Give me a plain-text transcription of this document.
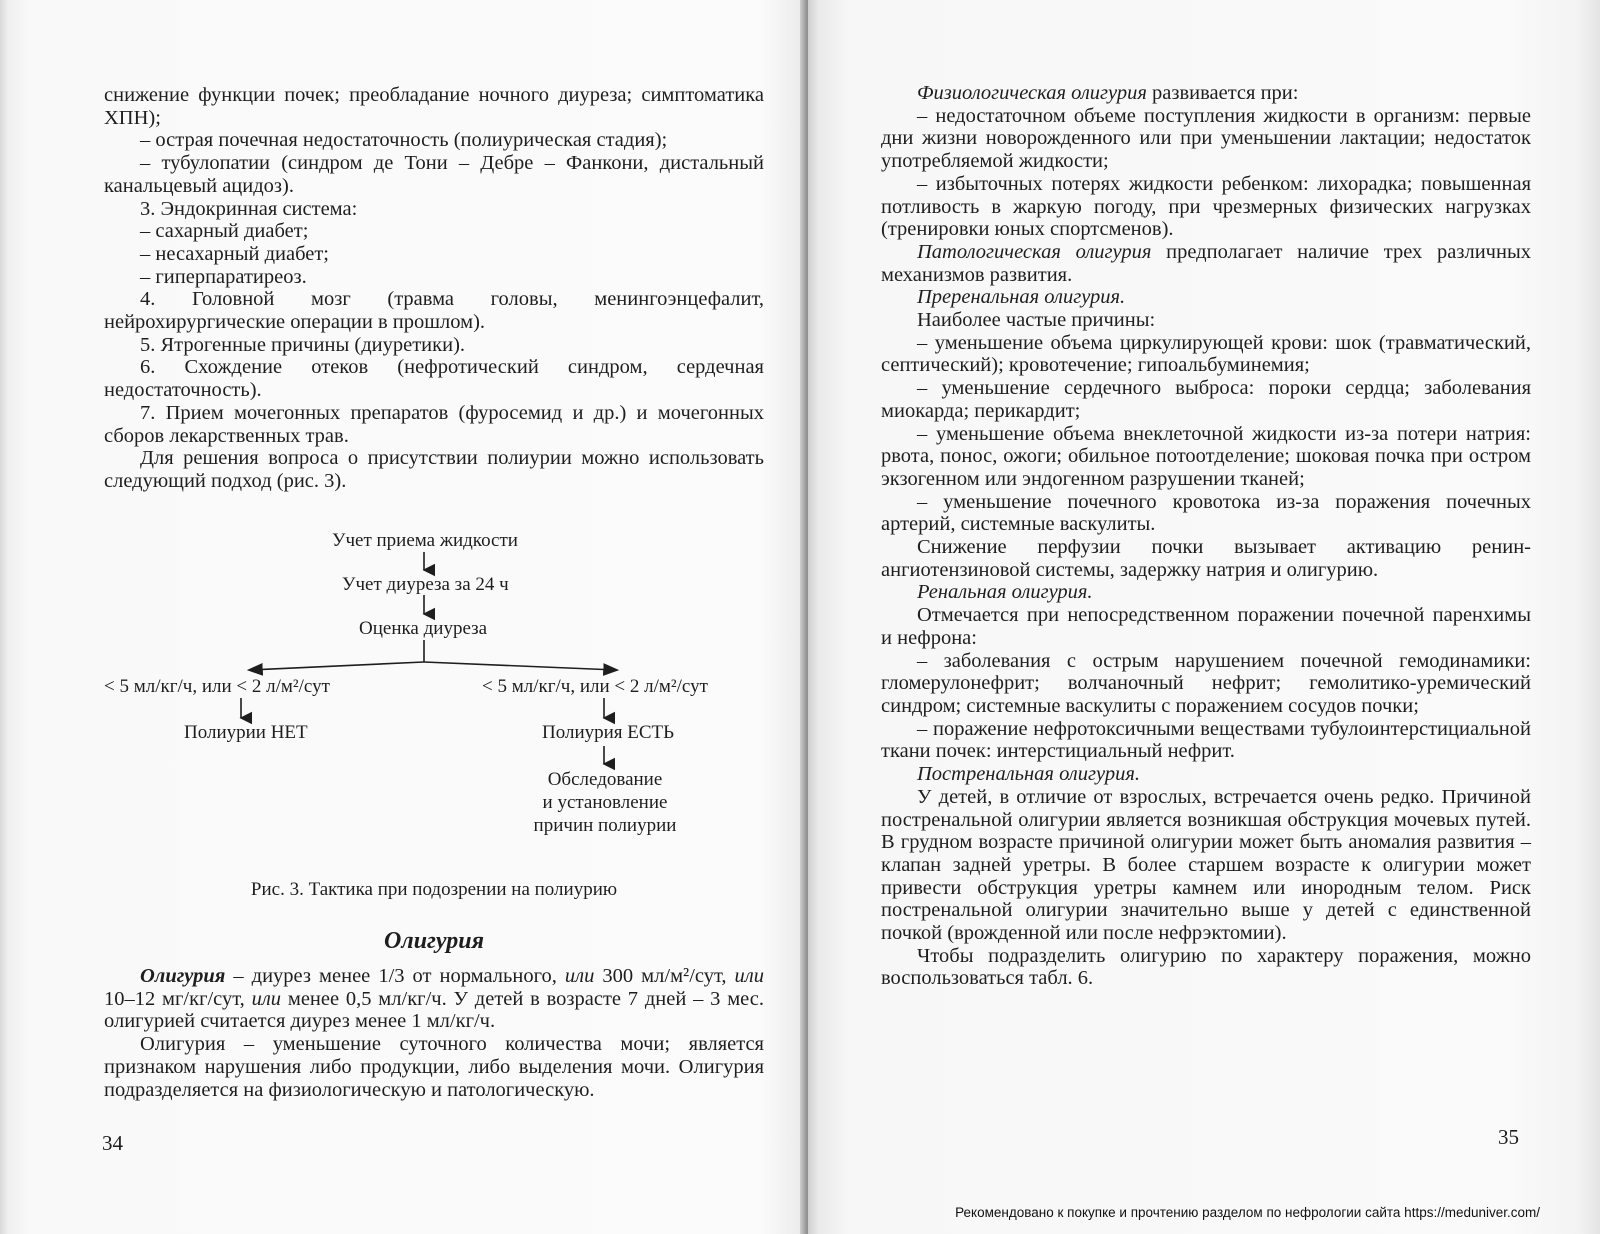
снижение функции почек; преобладание ночного диуреза; симптоматика ХПН);

– острая почечная недостаточность (полиурическая стадия);

– тубулопатии (синдром де Тони – Дебре – Фанкони, дистальный канальцевый ацидоз).

3. Эндокринная система:

– сахарный диабет;

– несахарный диабет;

– гиперпаратиреоз.

4. Головной мозг (травма головы, менингоэнцефалит, нейрохирургические операции в прошлом).

5. Ятрогенные причины (диуретики).

6. Схождение отеков (нефротический синдром, сердечная недостаточность).

7. Прием мочегонных препаратов (фуросемид и др.) и мочегонных сборов лекарственных трав.

Для решения вопроса о присутствии полиурии можно использовать следующий подход (рис. 3).

Учет приема жидкости
Учет диуреза за 24 ч
Оценка диуреза
< 5 мл/кг/ч, или < 2 л/м²/сут	< 5 мл/кг/ч, или < 2 л/м²/сут
Полиурии НЕТ	Полиурия ЕСТЬ
Обследование
и установление
причин полиурии
Рис. 3. Тактика при подозрении на полиурию
Олигурия

Олигурия – диурез менее 1/3 от нормального, или 300 мл/м²/сут, или 10–12 мг/кг/сут, или менее 0,5 мл/кг/ч. У детей в возрасте 7 дней – 3 мес. олигурией считается диурез менее 1 мл/кг/ч.

Олигурия – уменьшение суточного количества мочи; является признаком нарушения либо продукции, либо выделения мочи. Олигурия подразделяется на физиологическую и патологическую.

34

Физиологическая олигурия развивается при:

– недостаточном объеме поступления жидкости в организм: первые дни жизни новорожденного или при уменьшении лактации; недостаток употребляемой жидкости;

– избыточных потерях жидкости ребенком: лихорадка; повышенная потливость в жаркую погоду, при чрезмерных физических нагрузках (тренировки юных спортсменов).

Патологическая олигурия предполагает наличие трех различных механизмов развития.

Преренальная олигурия.

Наиболее частые причины:

– уменьшение объема циркулирующей крови: шок (травматический, септический); кровотечение; гипоальбуминемия;

– уменьшение сердечного выброса: пороки сердца; заболевания миокарда; перикардит;

– уменьшение объема внеклеточной жидкости из-за потери натрия: рвота, понос, ожоги; обильное потоотделение; шоковая почка при остром экзогенном или эндогенном разрушении тканей;

– уменьшение почечного кровотока из-за поражения почечных артерий, системные васкулиты.

Снижение перфузии почки вызывает активацию ренин-ангиотензиновой системы, задержку натрия и олигурию.

Ренальная олигурия.

Отмечается при непосредственном поражении почечной паренхимы и нефрона:

– заболевания с острым нарушением почечной гемодинамики: гломерулонефрит; волчаночный нефрит; гемолитико-уремический синдром; системные васкулиты с поражением сосудов почки;

– поражение нефротоксичными веществами тубулоинтерстициальной ткани почек: интерстициальный нефрит.

Постренальная олигурия.

У детей, в отличие от взрослых, встречается очень редко. Причиной постренальной олигурии является возникшая обструкция мочевых путей. В грудном возрасте причиной олигурии может быть аномалия развития – клапан задней уретры. В более старшем возрасте к олигурии может привести обструкция уретры камнем или инородным телом. Риск постренальной олигурии значительно выше у детей с единственной почкой (врожденной или после нефрэктомии).

Чтобы подразделить олигурию по характеру поражения, можно воспользоваться табл. 6.

35
Рекомендовано к покупке и прочтению разделом по нефрологии сайта https://meduniver.com/
